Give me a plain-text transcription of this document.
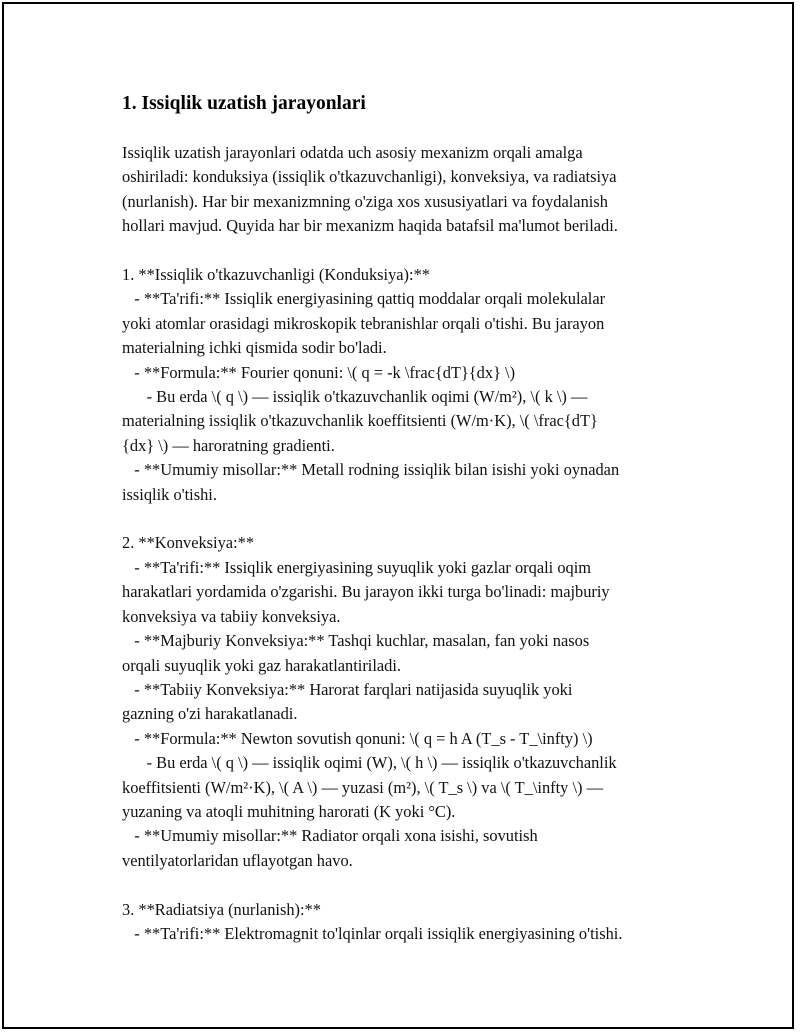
1. Issiqlik uzatish jarayonlari
Issiqlik uzatish jarayonlari odatda uch asosiy mexanizm orqali amalga
oshiriladi: konduksiya (issiqlik o'tkazuvchanligi), konveksiya, va radiatsiya
(nurlanish). Har bir mexanizmning o'ziga xos xususiyatlari va foydalanish
hollari mavjud. Quyida har bir mexanizm haqida batafsil ma'lumot beriladi.
1. **Issiqlik o'tkazuvchanligi (Konduksiya):**
- **Ta'rifi:** Issiqlik energiyasining qattiq moddalar orqali molekulalar
yoki atomlar orasidagi mikroskopik tebranishlar orqali o'tishi. Bu jarayon
materialning ichki qismida sodir bo'ladi.
- **Formula:** Fourier qonuni: \( q = -k \frac{dT}{dx} \)
- Bu erda \( q \) — issiqlik o'tkazuvchanlik oqimi (W/m²), \( k \) —
materialning issiqlik o'tkazuvchanlik koeffitsienti (W/m·K), \( \frac{dT}
{dx} \) — haroratning gradienti.
- **Umumiy misollar:** Metall rodning issiqlik bilan isishi yoki oynadan
issiqlik o'tishi.
2. **Konveksiya:**
- **Ta'rifi:** Issiqlik energiyasining suyuqlik yoki gazlar orqali oqim
harakatlari yordamida o'zgarishi. Bu jarayon ikki turga bo'linadi: majburiy
konveksiya va tabiiy konveksiya.
- **Majburiy Konveksiya:** Tashqi kuchlar, masalan, fan yoki nasos
orqali suyuqlik yoki gaz harakatlantiriladi.
- **Tabiiy Konveksiya:** Harorat farqlari natijasida suyuqlik yoki
gazning o'zi harakatlanadi.
- **Formula:** Newton sovutish qonuni: \( q = h A (T_s - T_\infty) \)
- Bu erda \( q \) — issiqlik oqimi (W), \( h \) — issiqlik o'tkazuvchanlik
koeffitsienti (W/m²·K), \( A \) — yuzasi (m²), \( T_s \) va \( T_\infty \) —
yuzaning va atoqli muhitning harorati (K yoki °C).
- **Umumiy misollar:** Radiator orqali xona isishi, sovutish
ventilyatorlaridan uflayotgan havo.
3. **Radiatsiya (nurlanish):**
- **Ta'rifi:** Elektromagnit to'lqinlar orqali issiqlik energiyasining o'tishi.
